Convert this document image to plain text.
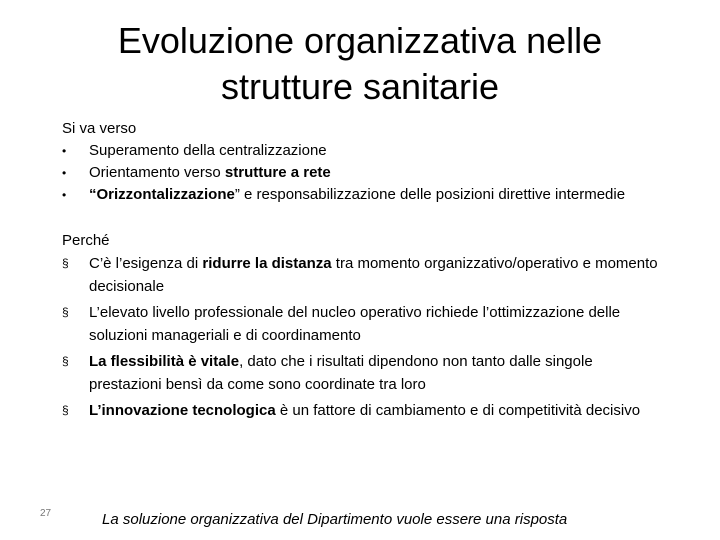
Evoluzione organizzativa nelle
strutture sanitarie
Si va verso
•	Superamento della centralizzazione
•	Orientamento verso strutture a rete
•	“Orizzontalizzazione” e responsabilizzazione delle posizioni direttive intermedie
Perché
§	C’è l’esigenza di ridurre la distanza tra momento organizzativo/operativo e momento decisionale
§	L’elevato livello professionale del nucleo operativo richiede l’ottimizzazione delle soluzioni manageriali e di coordinamento
§	La flessibilità è vitale, dato che i risultati dipendono non tanto dalle singole prestazioni bensì da come sono coordinate tra loro
§	L’innovazione tecnologica è un fattore di cambiamento e di competitività decisivo
27	La soluzione organizzativa del Dipartimento vuole essere una risposta
